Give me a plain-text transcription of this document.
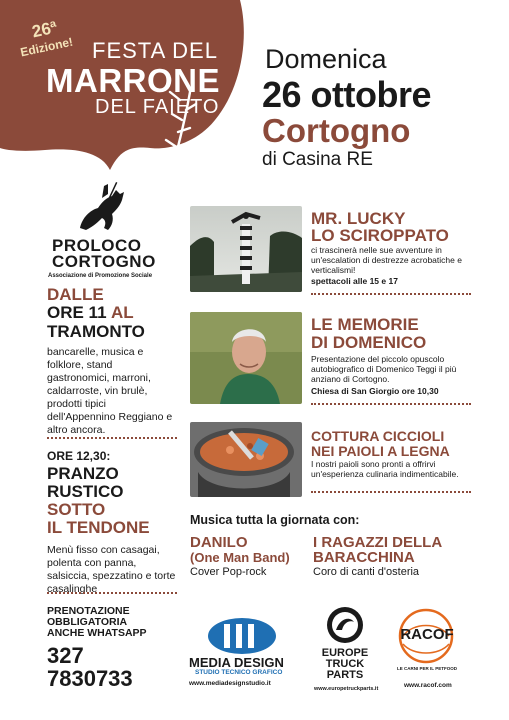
26ª
Edizione! FESTA DEL
MARRONE
DEL FAIETO
Domenica
26 ottobre
Cortogno
di Casina RE
PROLOCO
CORTOGNO
Associazione di Promozione Sociale
DALLE
ORE 11 AL
TRAMONTO
bancarelle, musica e folklore, stand gastronomici, marroni, caldarroste, vin brulè, prodotti tipici dell'Appennino Reggiano e altro ancora.
ORE 12,30:
PRANZO
RUSTICO
SOTTO
IL TENDONE
Menù fisso con casagai, polenta con panna, salsiccia, spezzatino e torte casalinghe
PRENOTAZIONE
OBBLIGATORIA
ANCHE WHATSAPP
327
7830733
MR. LUCKY
LO SCIROPPATO
ci trascinerà nelle sue avventure in un'escalation di destrezze acrobatiche e verticalismi!
spettacoli alle 15 e 17
LE MEMORIE
DI DOMENICO
Presentazione del piccolo opuscolo autobiografico di Domenico Teggi il più anziano di Cortogno.
Chiesa di San Giorgio ore 10,30
COTTURA CICCIOLI
NEI PAIOLI A LEGNA
I nostri paioli sono pronti a offrirvi un'esperienza culinaria indimenticabile.
Musica tutta la giornata con:
DANILO
(One Man Band)
Cover Pop-rock
I RAGAZZI DELLA
BARACCHINA
Coro di canti d'osteria
MEDIA DESIGN
STUDIO TECNICO GRAFICO
www.mediadesignstudio.it
EUROPE
TRUCK
PARTS
www.europetruckparts.it
RACOF
LE CARNI PER IL PETFOOD
www.racof.com
